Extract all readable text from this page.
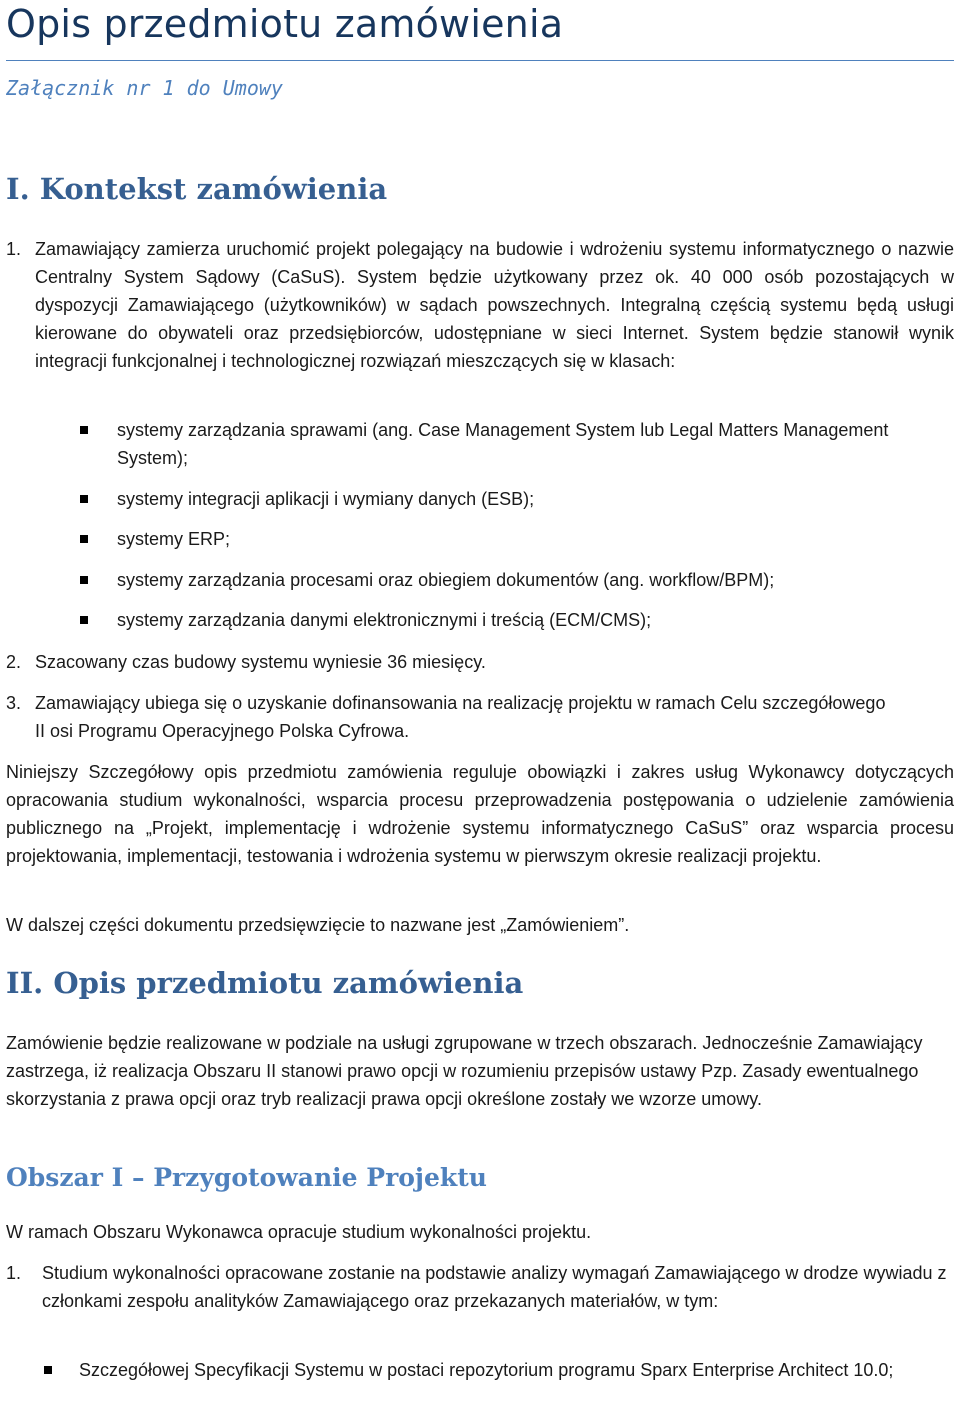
Opis przedmiotu zamówienia

Załącznik nr 1 do Umowy

I. Kontekst zamówienia
1. Zamawiający zamierza uruchomić projekt polegający na budowie i wdrożeniu systemu informatycznego o nazwie Centralny System Sądowy (CaSuS). System będzie użytkowany przez ok. 40 000 osób pozostających w dyspozycji Zamawiającego (użytkowników) w sądach powszechnych. Integralną częścią systemu będą usługi kierowane do obywateli oraz przedsiębiorców, udostępniane w sieci Internet. System będzie stanowił wynik integracji funkcjonalnej i technologicznej rozwiązań mieszczących się w klasach:

systemy zarządzania sprawami (ang. Case Management System lub Legal Matters Management System);

systemy integracji aplikacji i wymiany danych (ESB);

systemy ERP;

systemy zarządzania procesami oraz obiegiem dokumentów (ang. workflow/BPM);

systemy zarządzania danymi elektronicznymi i treścią (ECM/CMS);

2. Szacowany czas budowy systemu wyniesie 36 miesięcy.

3. Zamawiający ubiega się o uzyskanie dofinansowania na realizację projektu w ramach Celu szczegółowego II osi Programu Operacyjnego Polska Cyfrowa.

Niniejszy Szczegółowy opis przedmiotu zamówienia reguluje obowiązki i zakres usług Wykonawcy dotyczących opracowania studium wykonalności, wsparcia procesu przeprowadzenia postępowania o udzielenie zamówienia publicznego na „Projekt, implementację i wdrożenie systemu informatycznego CaSuS” oraz wsparcia procesu projektowania, implementacji, testowania i wdrożenia systemu w pierwszym okresie realizacji projektu.

W dalszej części dokumentu przedsięwzięcie to nazwane jest „Zamówieniem”.

II. Opis przedmiotu zamówienia

Zamówienie będzie realizowane w podziale na usługi zgrupowane w trzech obszarach. Jednocześnie Zamawiający zastrzega, iż realizacja Obszaru II stanowi prawo opcji w rozumieniu przepisów ustawy Pzp. Zasady ewentualnego skorzystania z prawa opcji oraz tryb realizacji prawa opcji określone zostały we wzorze umowy.

Obszar I – Przygotowanie Projektu

W ramach Obszaru Wykonawca opracuje studium wykonalności projektu.

1. Studium wykonalności opracowane zostanie na podstawie analizy wymagań Zamawiającego w drodze wywiadu z członkami zespołu analityków Zamawiającego oraz przekazanych materiałów, w tym:

Szczegółowej Specyfikacji Systemu w postaci repozytorium programu Sparx Enterprise Architect 10.0;
